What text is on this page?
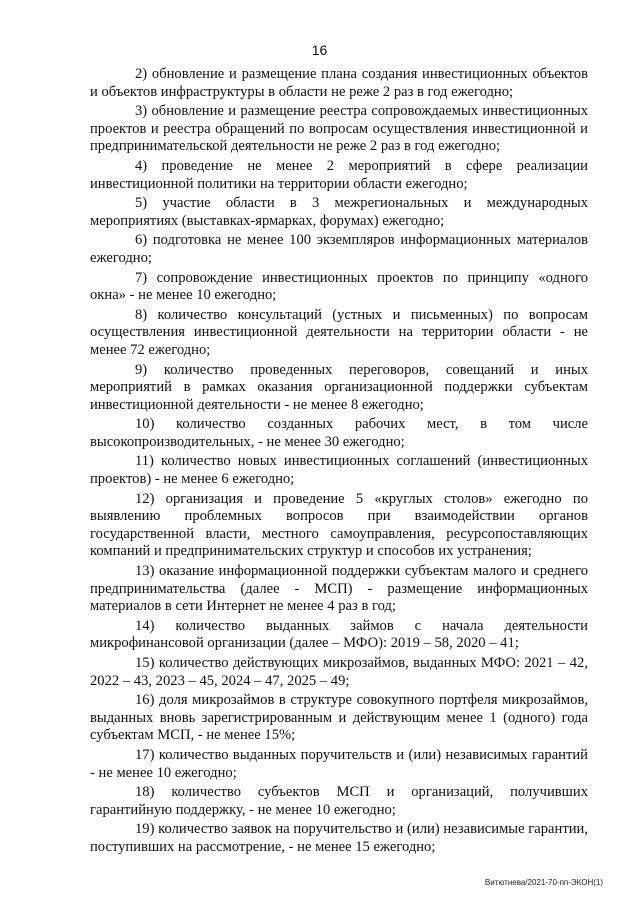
16

2) обновление и размещение плана создания инвестиционных объектов и объектов инфраструктуры в области не реже 2 раз в год ежегодно;

3) обновление и размещение реестра сопровождаемых инвестиционных проектов и реестра обращений по вопросам осуществления инвестиционной и предпринимательской деятельности не реже 2 раз в год ежегодно;

4) проведение не менее 2 мероприятий в сфере реализации инвестиционной политики на территории области ежегодно;

5) участие области в 3 межрегиональных и международных мероприятиях (выставках-ярмарках, форумах) ежегодно;

6) подготовка не менее 100 экземпляров информационных материалов ежегодно;

7) сопровождение инвестиционных проектов по принципу «одного окна» - не менее 10 ежегодно;

8) количество консультаций (устных и письменных) по вопросам осуществления инвестиционной деятельности на территории области - не менее 72 ежегодно;

9) количество проведенных переговоров, совещаний и иных мероприятий в рамках оказания организационной поддержки субъектам инвестиционной деятельности - не менее 8 ежегодно;

10) количество созданных рабочих мест, в том числе высокопроизводительных, - не менее 30 ежегодно;

11) количество новых инвестиционных соглашений (инвестиционных проектов) - не менее 6 ежегодно;

12) организация и проведение 5 «круглых столов» ежегодно по выявлению проблемных вопросов при взаимодействии органов государственной власти, местного самоуправления, ресурсопоставляющих компаний и предпринимательских структур и способов их устранения;

13) оказание информационной поддержки субъектам малого и среднего предпринимательства (далее - МСП) - размещение информационных материалов в сети Интернет не менее 4 раз в год;

14) количество выданных займов с начала деятельности микрофинансовой организации (далее – МФО): 2019 – 58, 2020 – 41;

15) количество действующих микрозаймов, выданных МФО: 2021 – 42, 2022 – 43, 2023 – 45, 2024 – 47, 2025 – 49;

16) доля микрозаймов в структуре совокупного портфеля микрозаймов, выданных вновь зарегистрированным и действующим менее 1 (одного) года субъектам МСП, - не менее 15%;

17) количество выданных поручительств и (или) независимых гарантий - не менее 10 ежегодно;

18) количество субъектов МСП и организаций, получивших гарантийную поддержку, - не менее 10 ежегодно;

19) количество заявок на поручительство и (или) независимые гарантии, поступивших на рассмотрение, - не менее 15 ежегодно;

Витютнева/2021-70-пп-ЭКОН(1)
